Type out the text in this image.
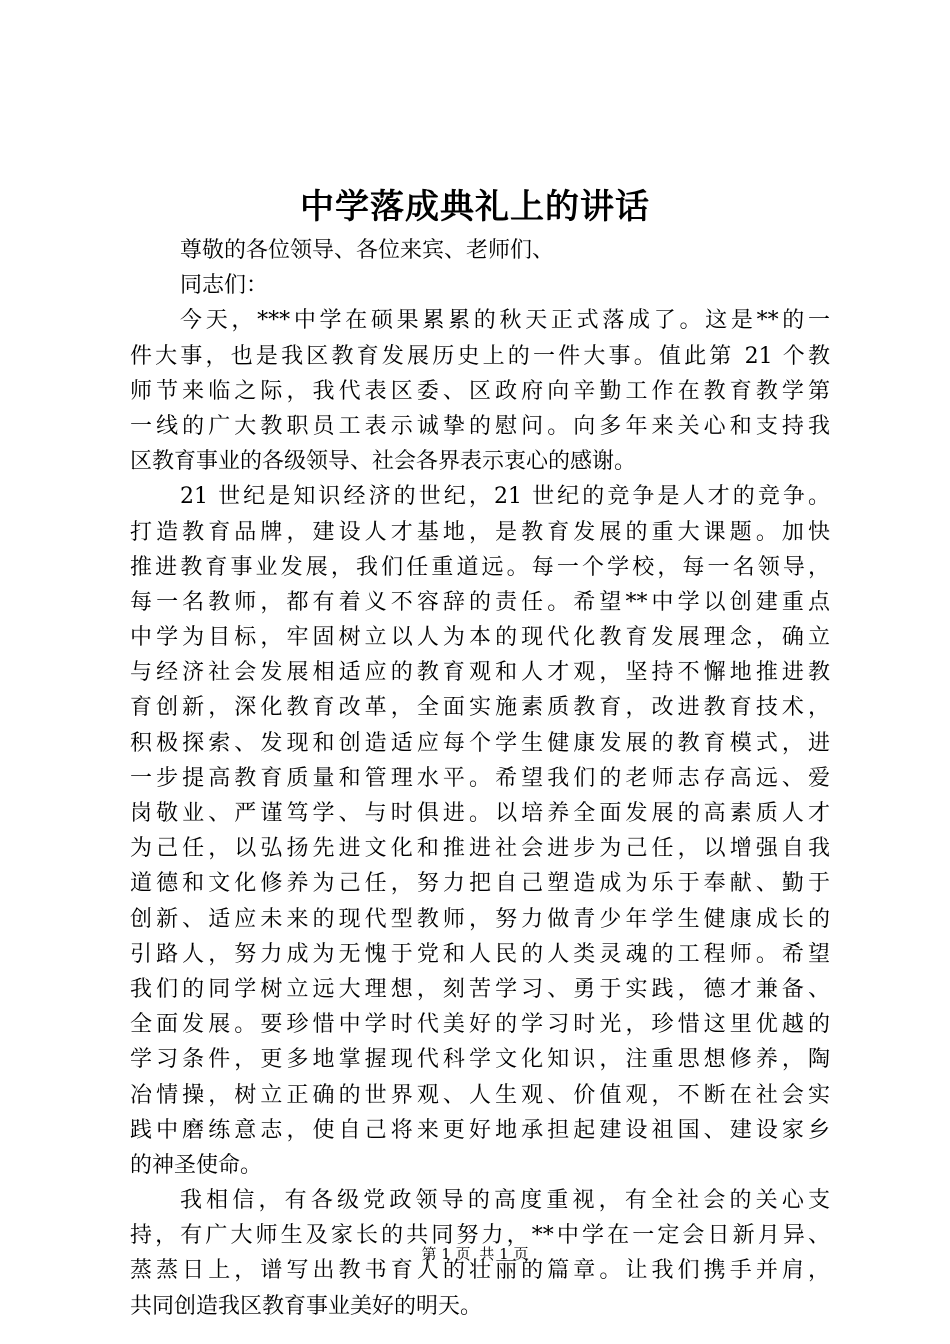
中学落成典礼上的讲话
尊敬的各位领导、各位来宾、老师们、
同志们：
今天，***中学在硕果累累的秋天正式落成了。这是**的一
件大事，也是我区教育发展历史上的一件大事。值此第 21 个教
师节来临之际，我代表区委、区政府向辛勤工作在教育教学第
一线的广大教职员工表示诚挚的慰问。向多年来关心和支持我
区教育事业的各级领导、社会各界表示衷心的感谢。
21 世纪是知识经济的世纪，21 世纪的竞争是人才的竞争。
打造教育品牌，建设人才基地，是教育发展的重大课题。加快
推进教育事业发展，我们任重道远。每一个学校，每一名领导，
每一名教师，都有着义不容辞的责任。希望**中学以创建重点
中学为目标，牢固树立以人为本的现代化教育发展理念，确立
与经济社会发展相适应的教育观和人才观，坚持不懈地推进教
育创新，深化教育改革，全面实施素质教育，改进教育技术，
积极探索、发现和创造适应每个学生健康发展的教育模式，进
一步提高教育质量和管理水平。希望我们的老师志存高远、爱
岗敬业、严谨笃学、与时俱进。以培养全面发展的高素质人才
为己任，以弘扬先进文化和推进社会进步为己任，以增强自我
道德和文化修养为己任，努力把自己塑造成为乐于奉献、勤于
创新、适应未来的现代型教师，努力做青少年学生健康成长的
引路人，努力成为无愧于党和人民的人类灵魂的工程师。希望
我们的同学树立远大理想，刻苦学习、勇于实践，德才兼备、
全面发展。要珍惜中学时代美好的学习时光，珍惜这里优越的
学习条件，更多地掌握现代科学文化知识，注重思想修养，陶
冶情操，树立正确的世界观、人生观、价值观，不断在社会实
践中磨练意志，使自己将来更好地承担起建设祖国、建设家乡
的神圣使命。
我相信，有各级党政领导的高度重视，有全社会的关心支
持，有广大师生及家长的共同努力，**中学在一定会日新月异、
蒸蒸日上，谱写出教书育人的壮丽的篇章。让我们携手并肩，
共同创造我区教育事业美好的明天。
第 1 页 共 1 页
